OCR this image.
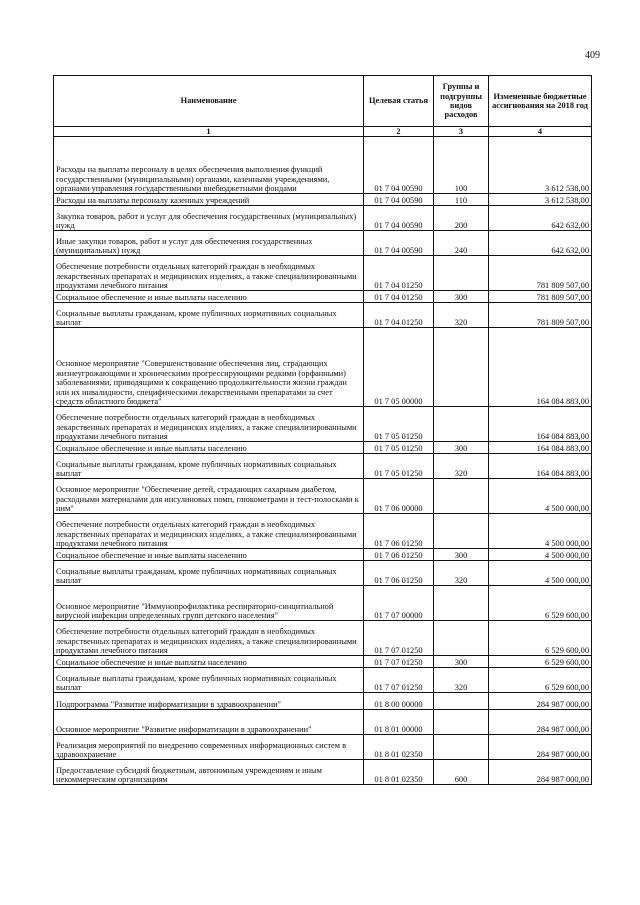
409
Наименование	Целевая статья	Группы и подгруппы видов расходов	Измененные бюджетные ассигнования на 2018 год
1	2	3	4
Расходы на выплаты персоналу в целях обеспечения выполнения функций государственными (муниципальными) органами, казенными учреждениями, органами управления государственными внебюджетными фондами	01 7 04 00590	100	3 612 538,00
Расходы на выплаты персоналу казенных учреждений	01 7 04 00590	110	3 612 538,00
Закупка товаров, работ и услуг для обеспечения государственных (муниципальных) нужд	01 7 04 00590	200	642 632,00
Иные закупки товаров, работ и услуг для обеспечения государственных (муниципальных) нужд	01 7 04 00590	240	642 632,00
Обеспечение потребности отдельных категорий граждан в необходимых лекарственных препаратах и медицинских изделиях, а также специализированными продуктами лечебного питания	01 7 04 01250		781 809 507,00
Социальное обеспечение и иные выплаты населению	01 7 04 01250	300	781 809 507,00
Социальные выплаты гражданам, кроме публичных нормативных социальных выплат	01 7 04 01250	320	781 809 507,00
Основное мероприятие "Совершенствование обеспечения лиц, страдающих жизнеугрожающими и хроническими прогрессирующими редкими (орфанными) заболеваниями, приводящими к сокращению продолжительности жизни граждан или их инвалидности, специфическими лекарственными препаратами за счет средств областного бюджета"	01 7 05 00000		164 084 883,00
Обеспечение потребности отдельных категорий граждан в необходимых лекарственных препаратах и медицинских изделиях, а также специализированными продуктами лечебного питания	01 7 05 01250		164 084 883,00
Социальное обеспечение и иные выплаты населению	01 7 05 01250	300	164 084 883,00
Социальные выплаты гражданам, кроме публичных нормативных социальных выплат	01 7 05 01250	320	164 084 883,00
Основное мероприятие "Обеспечение детей, страдающих сахарным диабетом, расходными материалами для инсулиновых помп, глюкометрами и тест-полосками к ним"	01 7 06 00000		4 500 000,00
Обеспечение потребности отдельных категорий граждан в необходимых лекарственных препаратах и медицинских изделиях, а также специализированными продуктами лечебного питания	01 7 06 01250		4 500 000,00
Социальное обеспечение и иные выплаты населению	01 7 06 01250	300	4 500 000,00
Социальные выплаты гражданам, кроме публичных нормативных социальных выплат	01 7 06 01250	320	4 500 000,00
Основное мероприятие "Иммунопрофилактика респираторно-синцитиальной вирусной инфекции определенных групп детского населения"	01 7 07 00000		6 529 600,00
Обеспечение потребности отдельных категорий граждан в необходимых лекарственных препаратах и медицинских изделиях, а также специализированными продуктами лечебного питания	01 7 07 01250		6 529 600,00
Социальное обеспечение и иные выплаты населению	01 7 07 01250	300	6 529 600,00
Социальные выплаты гражданам, кроме публичных нормативных социальных выплат	01 7 07 01250	320	6 529 600,00
Подпрограмма "Развитие информатизации в здравоохранении"	01 8 00 00000		284 987 000,00
Основное мероприятие "Развитие информатизации в здравоохранении"	01 8 01 00000		284 987 000,00
Реализация мероприятий по внедрению современных информационных систем в здравоохранение	01 8 01 02350		284 987 000,00
Предоставление субсидий бюджетным, автономным учреждениям и иным некоммерческим организациям	01 8 01 02350	600	284 987 000,00
